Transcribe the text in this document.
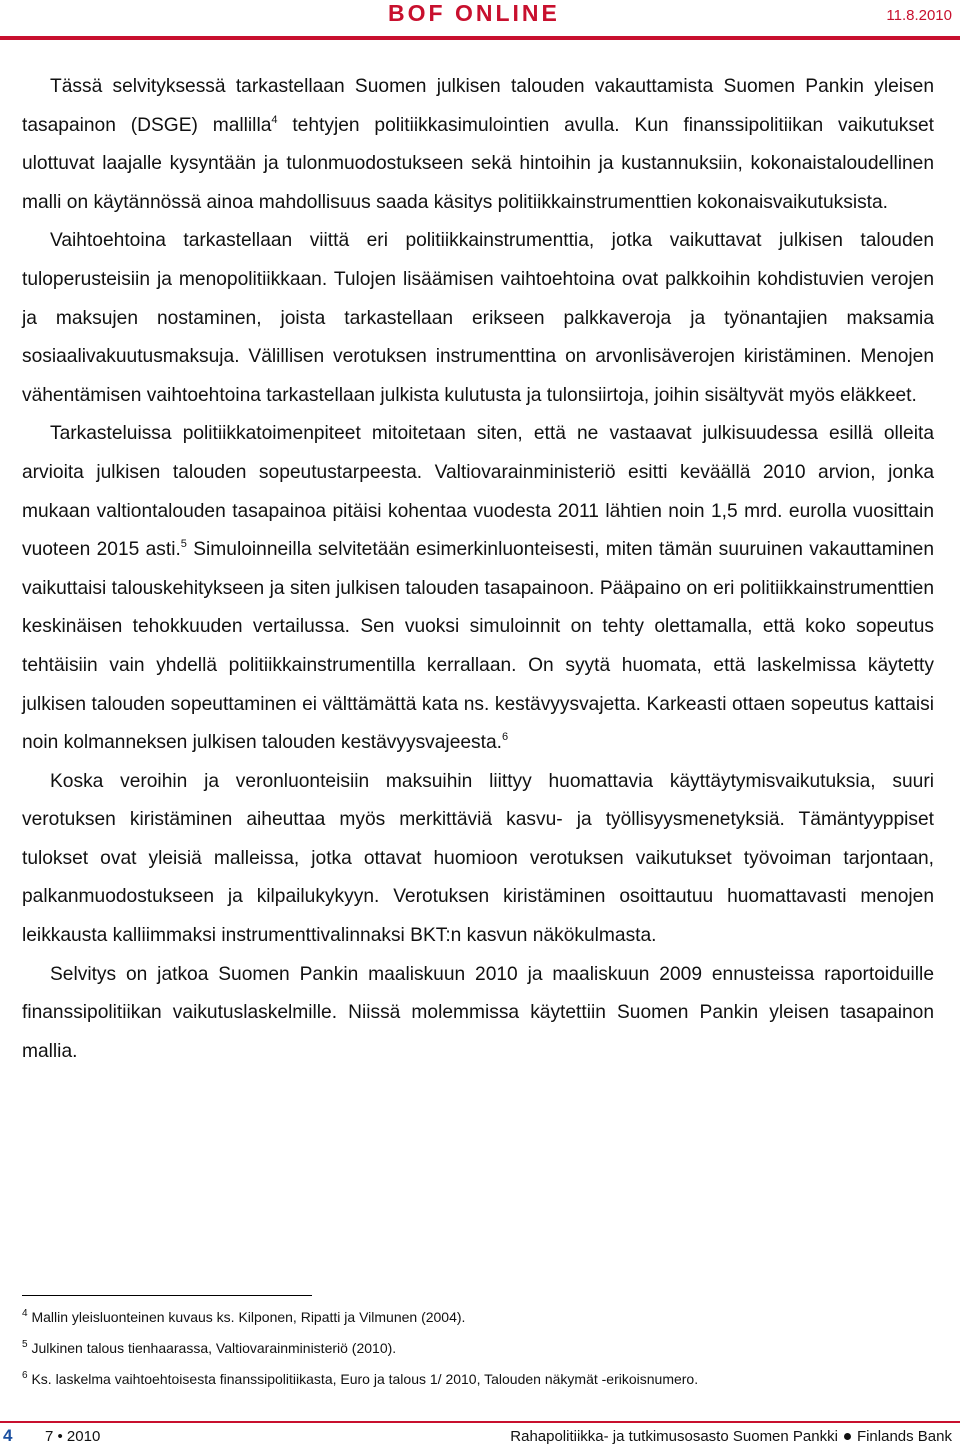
BOF ONLINE	11.8.2010

Tässä selvityksessä tarkastellaan Suomen julkisen talouden vakauttamista Suomen Pankin yleisen tasapainon (DSGE) mallilla$^4$ tehtyjen politiikkasimulointien avulla. Kun finanssipolitiikan vaikutukset ulottuvat laajalle kysyntään ja tulonmuodostukseen sekä hintoihin ja kustannuksiin, kokonaistaloudellinen malli on käytännössä ainoa mahdollisuus saada käsitys politiikkainstrumenttien kokonaisvaikutuksista.

Vaihtoehtoina tarkastellaan viittä eri politiikkainstrumenttia, jotka vaikuttavat julkisen talouden tuloperusteisiin ja menopolitiikkaan. Tulojen lisäämisen vaihtoehtoina ovat palkkoihin kohdistuvien verojen ja maksujen nostaminen, joista tarkastellaan erikseen palkkaveroja ja työnantajien maksamia sosiaalivakuutusmaksuja. Välillisen verotuksen instrumenttina on arvonlisäverojen kiristäminen. Menojen vähentämisen vaihtoehtoina tarkastellaan julkista kulutusta ja tulonsiirtoja, joihin sisältyvät myös eläkkeet.

Tarkasteluissa politiikkatoimenpiteet mitoitetaan siten, että ne vastaavat julkisuudessa esillä olleita arvioita julkisen talouden sopeutustarpeesta. Valtiovarainministeriö esitti keväällä 2010 arvion, jonka mukaan valtiontalouden tasapainoa pitäisi kohentaa vuodesta 2011 lähtien noin 1,5 mrd. eurolla vuosittain vuoteen 2015 asti.$^5$ Simuloinneilla selvitetään esimerkinluonteisesti, miten tämän suuruinen vakauttaminen vaikuttaisi talouskehitykseen ja siten julkisen talouden tasapainoon. Pääpaino on eri politiikkainstrumenttien keskinäisen tehokkuuden vertailussa. Sen vuoksi simuloinnit on tehty olettamalla, että koko sopeutus tehtäisiin vain yhdellä politiikkainstrumentilla kerrallaan. On syytä huomata, että laskelmissa käytetty julkisen talouden sopeuttaminen ei välttämättä kata ns. kestävyysvajetta. Karkeasti ottaen sopeutus kattaisi noin kolmanneksen julkisen talouden kestävyysvajeesta.$^6$

Koska veroihin ja veronluonteisiin maksuihin liittyy huomattavia käyttäytymisvaikutuksia, suuri verotuksen kiristäminen aiheuttaa myös merkittäviä kasvu- ja työllisyysmenetyksiä. Tämäntyyppiset tulokset ovat yleisiä malleissa, jotka ottavat huomioon verotuksen vaikutukset työvoiman tarjontaan, palkanmuodostukseen ja kilpailukykyyn. Verotuksen kiristäminen osoittautuu huomattavasti menojen leikkausta kalliimmaksi instrumenttivalinnaksi BKT:n kasvun näkökulmasta.

Selvitys on jatkoa Suomen Pankin maaliskuun 2010 ja maaliskuun 2009 ennusteissa raportoiduille finanssipolitiikan vaikutuslaskelmille. Niissä molemmissa käytettiin Suomen Pankin yleisen tasapainon mallia.

$^4$ Mallin yleisluonteinen kuvaus ks. Kilponen, Ripatti ja Vilmunen (2004).
$^5$ Julkinen talous tienhaarassa, Valtiovarainministeriö (2010).
$^6$ Ks. laskelma vaihtoehtoisesta finanssipolitiikasta, Euro ja talous 1/ 2010, Talouden näkymät -erikoisnumero.
4 7 • 2010	Rahapolitiikka- ja tutkimusosasto Suomen Pankki Finlands Bank
